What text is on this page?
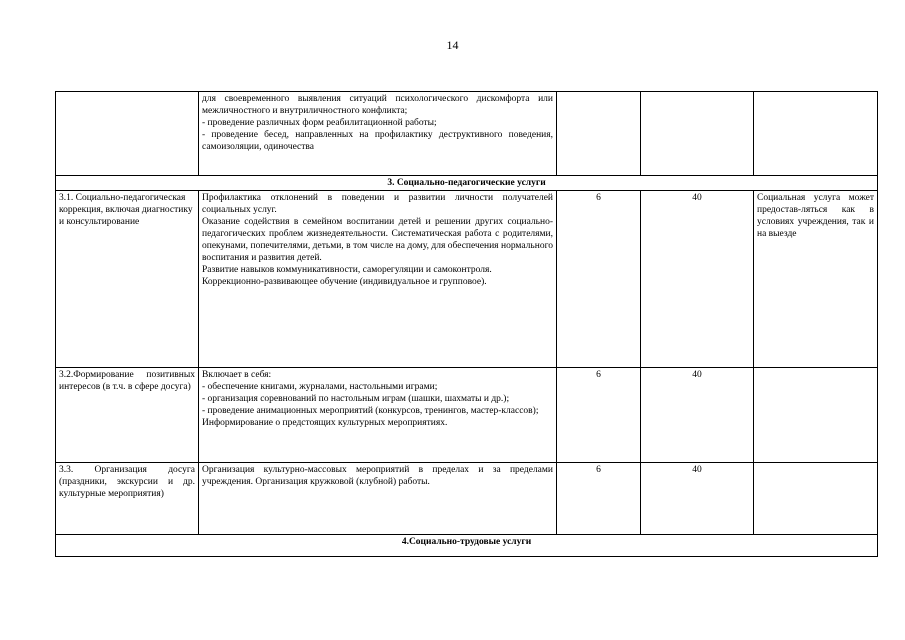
14

	для своевременного выявления ситуаций психологического дискомфорта или межличностного и внутриличностного конфликта;
- проведение различных форм реабилитационной работы;
- проведение бесед, направленных на профилактику деструктивного поведения, самоизоляции, одиночества			

3. Социально-педагогические услуги				
3.1. Социально-педагогическая коррекция, включая диагностику и консультирование	Профилактика отклонений в поведении и развитии личности получателей социальных услуг.
Оказание содействия в семейном воспитании детей и решении других социально-педагогических проблем жизнедеятельности. Систематическая работа с родителями, опекунами, попечителями, детьми, в том числе на дому, для обеспечения нормального воспитания и развития детей.
Развитие навыков коммуникативности, саморегуляции и самоконтроля.
Коррекционно-развивающее обучение (индивидуальное и групповое).	6	40	Социальная услуга может предостав-ляться как в условиях учреждения, так и на выезде
3.2.Формирование позитивных интересов (в т.ч. в сфере досуга)	Включает в себя:
- обеспечение книгами, журналами, настольными играми;
- организация соревнований по настольным играм (шашки, шахматы и др.);
- проведение анимационных мероприятий (конкурсов, тренингов, мастер-классов);
Информирование о предстоящих культурных мероприятиях.	6	40	
3.3. Организация досуга (праздники, экскурсии и др. культурные мероприятия)	Организация культурно-массовых мероприятий в пределах и за пределами учреждения. Организация кружковой (клубной) работы.	6	40	
4.Социально-трудовые услуги				
